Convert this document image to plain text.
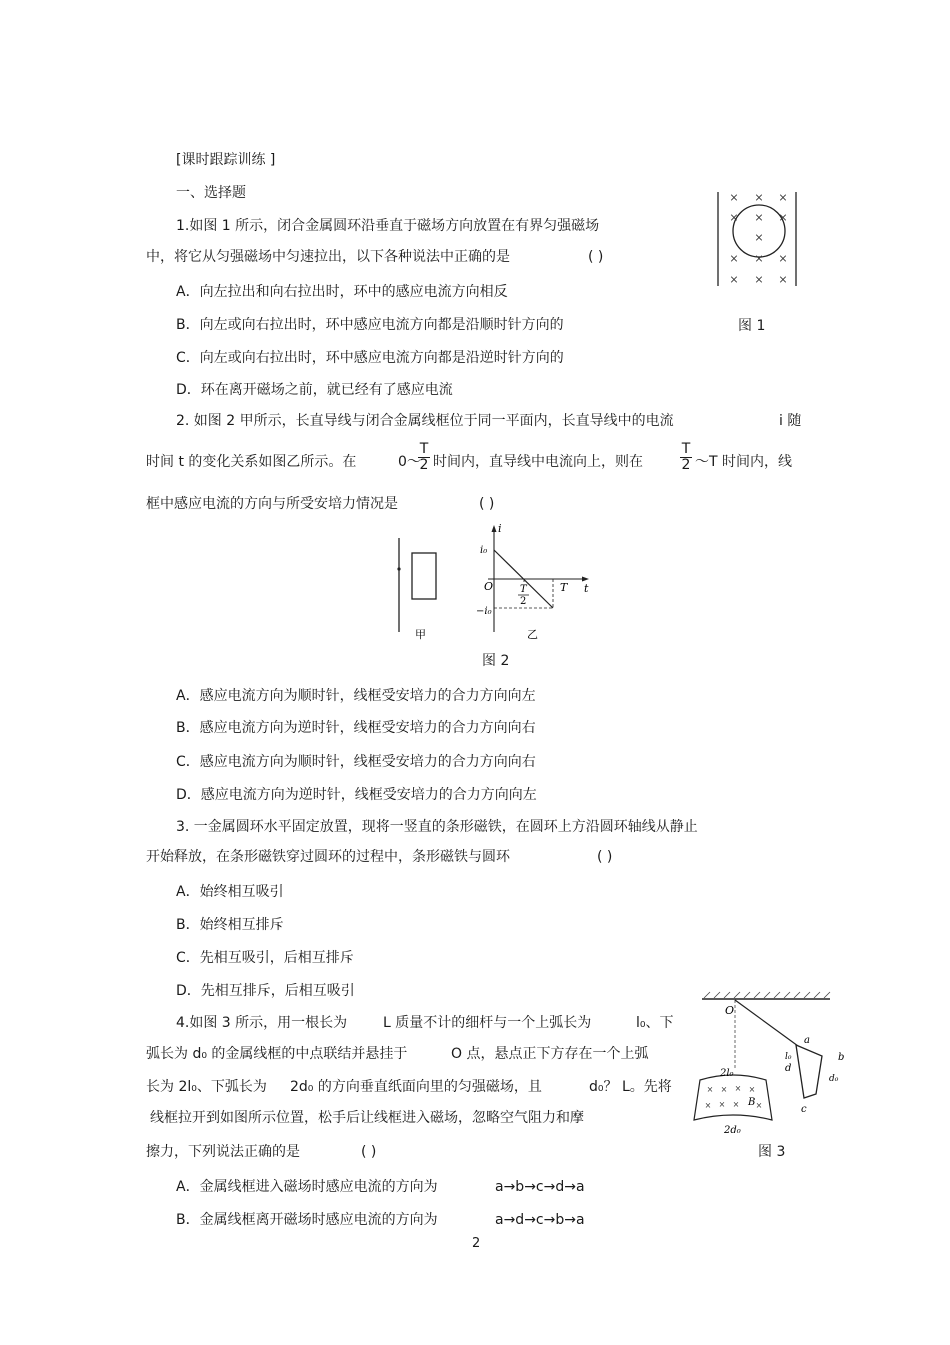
[课时跟踪训练 ]
一、选择题
1.如图 1 所示，闭合金属圆环沿垂直于磁场方向放置在有界匀强磁场
中，将它从匀强磁场中匀速拉出，以下各种说法中正确的是	( )
A．向左拉出和向右拉出时，环中的感应电流方向相反
B．向左或向右拉出时，环中感应电流方向都是沿顺时针方向的
C．向左或向右拉出时，环中感应电流方向都是沿逆时针方向的
D．环在离开磁场之前，就已经有了感应电流
× × ×
× × ×
×
× × ×
× × ×
图 1
2. 如图 2 甲所示，长直导线与闭合金属线框位于同一平面内，长直导线中的电流	i 随
时间 t 的变化关系如图乙所示。在	0～
T
2 时间内，直导线中电流向上，则在
T
2 ～T 时间内，线
框中感应电流的方向与所受安培力情况是	( )
甲
i
t
O
i₀
−i₀
T
2
T
乙
图 2
A．感应电流方向为顺时针，线框受安培力的合力方向向左
B．感应电流方向为逆时针，线框受安培力的合力方向向右
C．感应电流方向为顺时针，线框受安培力的合力方向向右
D．感应电流方向为逆时针，线框受安培力的合力方向向左
3. 一金属圆环水平固定放置，现将一竖直的条形磁铁，在圆环上方沿圆环轴线从静止
开始释放，在条形磁铁穿过圆环的过程中，条形磁铁与圆环	( )
A．始终相互吸引
B．始终相互排斥
C．先相互吸引，后相互排斥
D．先相互排斥，后相互吸引
4.如图 3 所示，用一根长为	L 质量不计的细杆与一个上弧长为	l₀、下
弧长为 d₀ 的金属线框的中点联结并悬挂于	O 点，悬点正下方存在一个上弧
长为 2l₀、下弧长为 2d₀ 的方向垂直纸面向里的匀强磁场，且	d₀？ L。先将
线框拉开到如图所示位置，松手后让线框进入磁场，忽略空气阻力和摩
擦力，下列说法正确的是	( )
A．金属线框进入磁场时感应电流的方向为	a→b→c→d→a
B．金属线框离开磁场时感应电流的方向为	a→d→c→b→a
O
a
b
c
d
l₀
d₀
2l₀
2d₀
× × × ×
× × × ×
B
图 3
2
